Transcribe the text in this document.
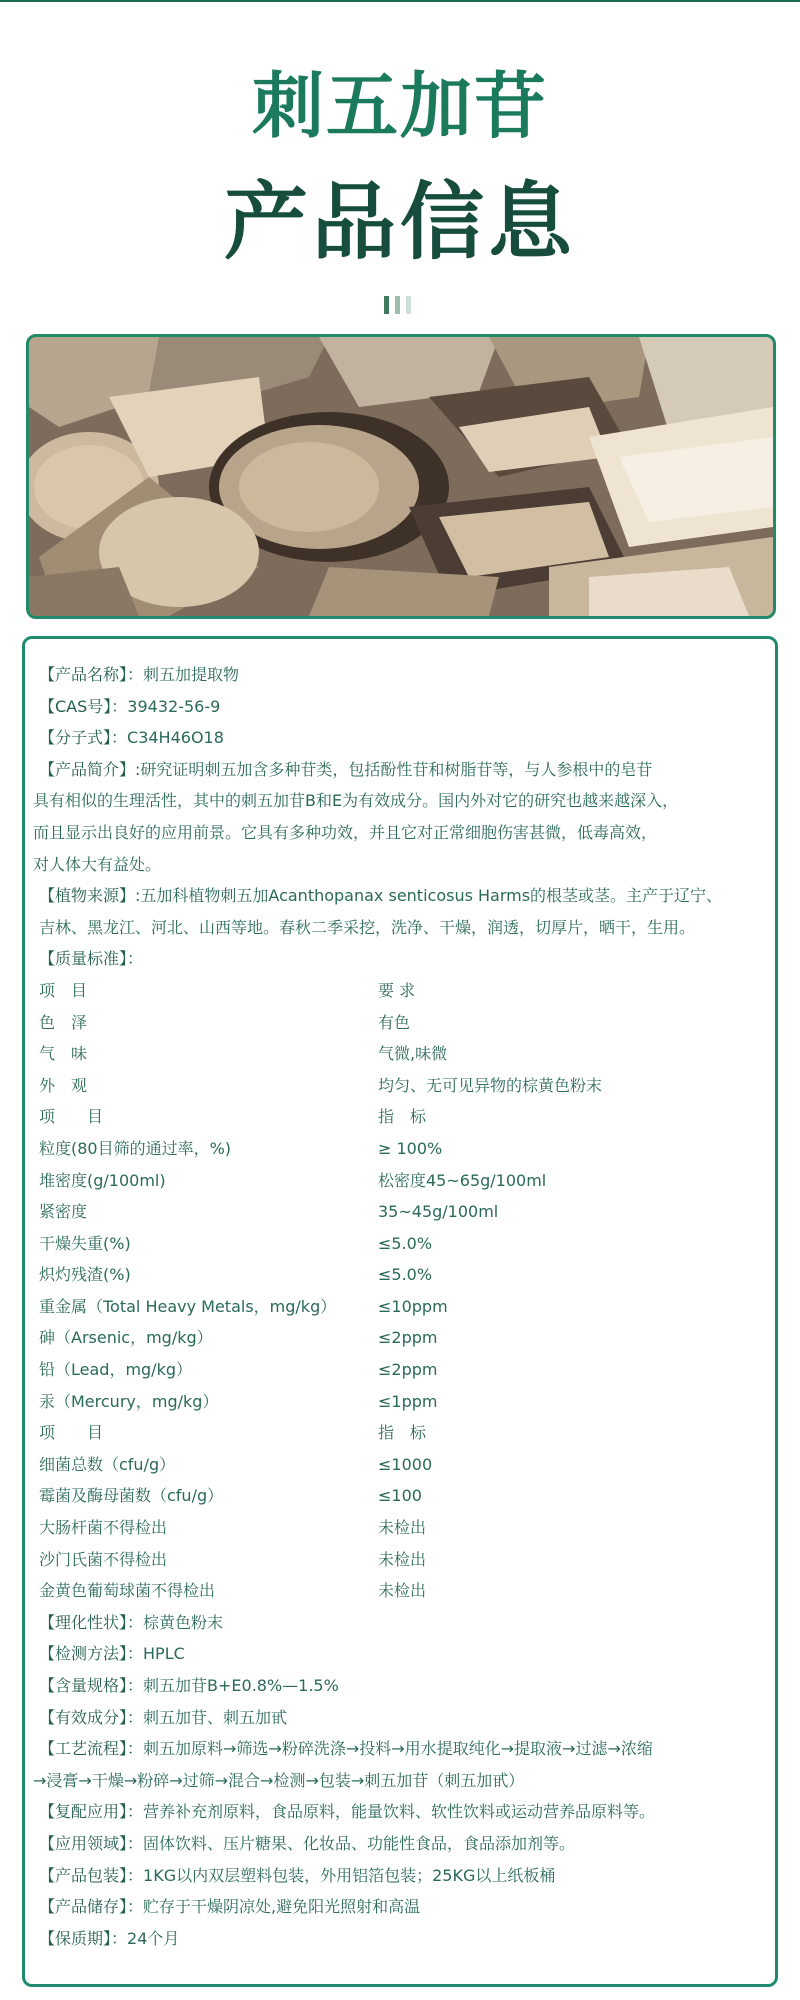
刺五加苷
产品信息
【产品名称】：刺五加提取物
【CAS号】：39432-56-9
【分子式】：C34H46O18
【产品简介】:研究证明刺五加含多种苷类，包括酚性苷和树脂苷等，与人参根中的皂苷
具有相似的生理活性，其中的刺五加苷B和E为有效成分。国内外对它的研究也越来越深入，
而且显示出良好的应用前景。它具有多种功效，并且它对正常细胞伤害甚微，低毒高效，
对人体大有益处。
【植物来源】:五加科植物刺五加Acanthopanax senticosus Harms的根茎或茎。主产于辽宁、
吉林、黑龙江、河北、山西等地。春秋二季采挖，洗净、干燥，润透，切厚片，晒干，生用。
【质量标准】：
项　目	要 求
色　泽	有色
气　味	气微,味微
外　观	均匀、无可见异物的棕黄色粉末
项　　目	指　标
粒度(80目筛的通过率，%)	≥ 100%
堆密度(g/100ml)	松密度45~65g/100ml
紧密度	35~45g/100ml
干燥失重(%)	≤5.0%
炽灼残渣(%)	≤5.0%
重金属（Total Heavy Metals，mg/kg）	≤10ppm
砷（Arsenic，mg/kg）	≤2ppm
铅（Lead，mg/kg）	≤2ppm
汞（Mercury，mg/kg）	≤1ppm
项　　目	指　标
细菌总数（cfu/g）	≤1000
霉菌及酶母菌数（cfu/g）	≤100
大肠杆菌不得检出	未检出
沙门氏菌不得检出	未检出
金黄色葡萄球菌不得检出	未检出
【理化性状】：棕黄色粉末
【检测方法】：HPLC
【含量规格】：刺五加苷B+E0.8%—1.5%
【有效成分】：刺五加苷、刺五加甙
【工艺流程】：刺五加原料→筛选→粉碎洗涤→投料→用水提取纯化→提取液→过滤→浓缩
→浸膏→干燥→粉碎→过筛→混合→检测→包装→刺五加苷（刺五加甙）
【复配应用】：营养补充剂原料，食品原料，能量饮料、软性饮料或运动营养品原料等。
【应用领域】：固体饮料、压片糖果、化妆品、功能性食品，食品添加剂等。
【产品包装】：1KG以内双层塑料包装，外用铝箔包装；25KG以上纸板桶
【产品储存】：贮存于干燥阴凉处,避免阳光照射和高温
【保质期】：24个月
